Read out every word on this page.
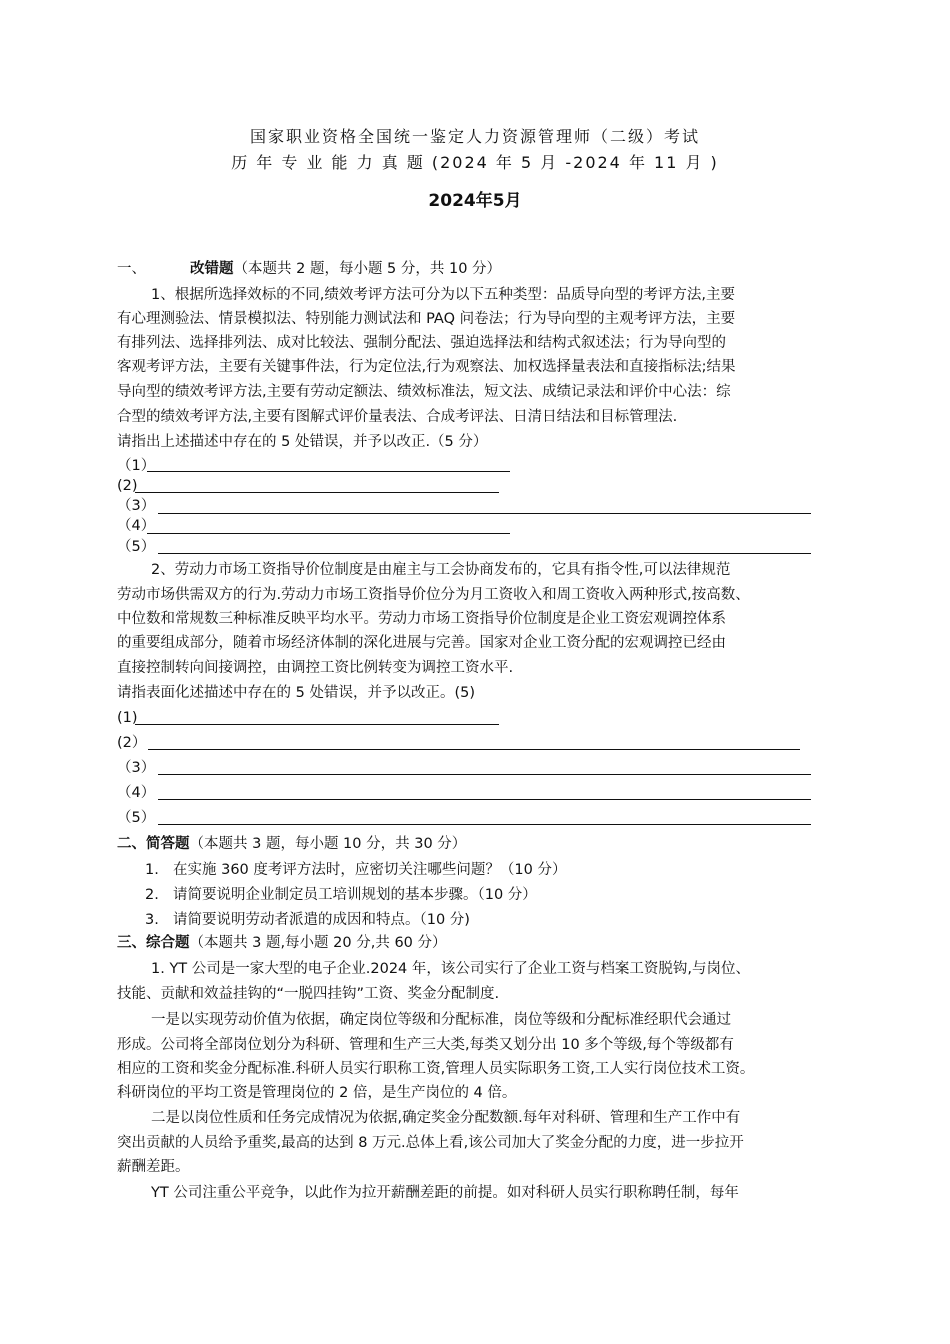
国家职业资格全国统一鉴定人力资源管理师（二级）考试
历 年 专 业 能 力 真 题 (2024 年 5 月 -2024 年 11 月 )
2024年5月
一、	改错题（本题共 2 题，每小题 5 分，共 10 分）
1、根据所选择效标的不同,绩效考评方法可分为以下五种类型：品质导向型的考评方法,主要
有心理测验法、情景模拟法、特别能力测试法和 PAQ 问卷法；行为导向型的主观考评方法，主要
有排列法、选择排列法、成对比较法、强制分配法、强迫选择法和结构式叙述法；行为导向型的
客观考评方法，主要有关键事件法，行为定位法,行为观察法、加权选择量表法和直接指标法;结果
导向型的绩效考评方法,主要有劳动定额法、绩效标准法，短文法、成绩记录法和评价中心法：综
合型的绩效考评方法,主要有图解式评价量表法、合成考评法、日清日结法和目标管理法.
请指出上述描述中存在的 5 处错误，并予以改正.（5 分）
（1）
(2)
（3）
（4）
（5）
2、劳动力市场工资指导价位制度是由雇主与工会协商发布的，它具有指令性,可以法律规范
劳动市场供需双方的行为.劳动力市场工资指导价位分为月工资收入和周工资收入两种形式,按高数、
中位数和常规数三种标准反映平均水平。劳动力市场工资指导价位制度是企业工资宏观调控体系
的重要组成部分，随着市场经济体制的深化进展与完善。国家对企业工资分配的宏观调控已经由
直接控制转向间接调控，由调控工资比例转变为调控工资水平.
请指表面化述描述中存在的 5 处错误，并予以改正。(5)
(1)
(2）
（3）
（4）
（5）
二、简答题（本题共 3 题，每小题 10 分，共 30 分）
1. 在实施 360 度考评方法时，应密切关注哪些问题？（10 分）
2. 请简要说明企业制定员工培训规划的基本步骤。（10 分）
3. 请简要说明劳动者派遣的成因和特点。（10 分)
三、综合题（本题共 3 题,每小题 20 分,共 60 分）
1. YT 公司是一家大型的电子企业.2024 年，该公司实行了企业工资与档案工资脱钩,与岗位、
技能、贡献和效益挂钩的“一脱四挂钩”工资、奖金分配制度.
一是以实现劳动价值为依据，确定岗位等级和分配标准，岗位等级和分配标准经职代会通过
形成。公司将全部岗位划分为科研、管理和生产三大类,每类又划分出 10 多个等级,每个等级都有
相应的工资和奖金分配标准.科研人员实行职称工资,管理人员实际职务工资,工人实行岗位技术工资。
科研岗位的平均工资是管理岗位的 2 倍，是生产岗位的 4 倍。
二是以岗位性质和任务完成情况为依据,确定奖金分配数额.每年对科研、管理和生产工作中有
突出贡献的人员给予重奖,最高的达到 8 万元.总体上看,该公司加大了奖金分配的力度，进一步拉开
薪酬差距。
YT 公司注重公平竞争，以此作为拉开薪酬差距的前提。如对科研人员实行职称聘任制，每年
